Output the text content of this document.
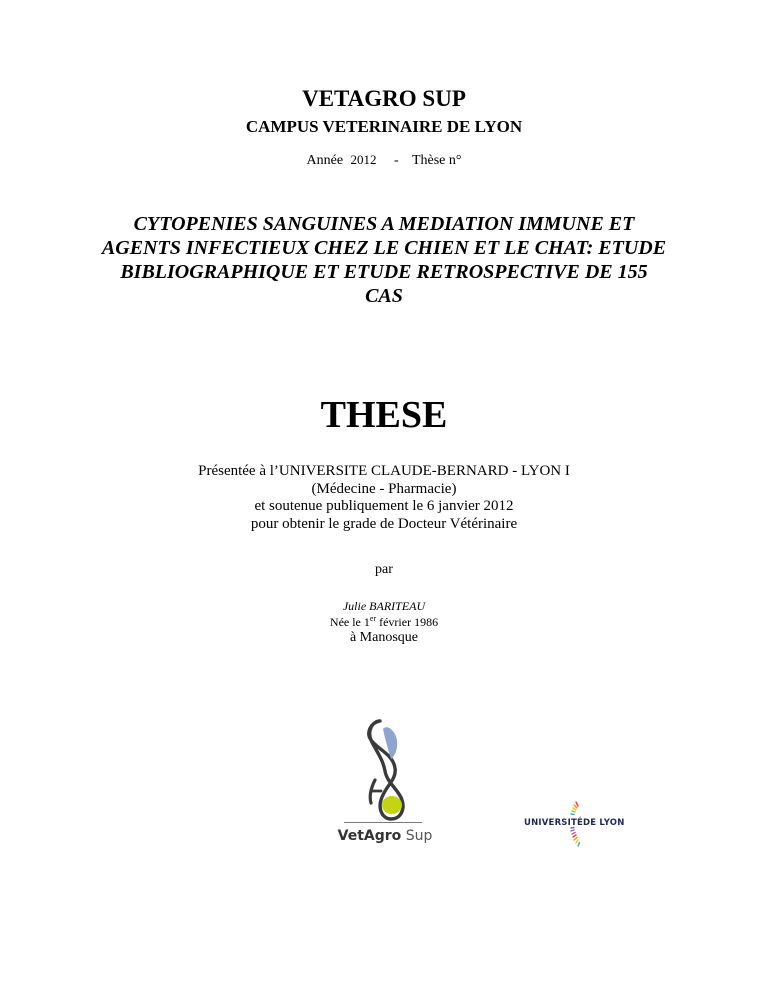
VETAGRO SUP
CAMPUS VETERINAIRE DE LYON
Année 2012 - Thèse n°
CYTOPENIES SANGUINES A MEDIATION IMMUNE ET
AGENTS INFECTIEUX CHEZ LE CHIEN ET LE CHAT: ETUDE
BIBLIOGRAPHIQUE ET ETUDE RETROSPECTIVE DE 155
CAS
THESE
Présentée à l’UNIVERSITE CLAUDE-BERNARD - LYON I
(Médecine - Pharmacie)
et soutenue publiquement le 6 janvier 2012
pour obtenir le grade de Docteur Vétérinaire
par
Julie BARITEAU
Née le 1er février 1986
à Manosque
VetAgro Sup
UNIVERSITÉDE LYON
